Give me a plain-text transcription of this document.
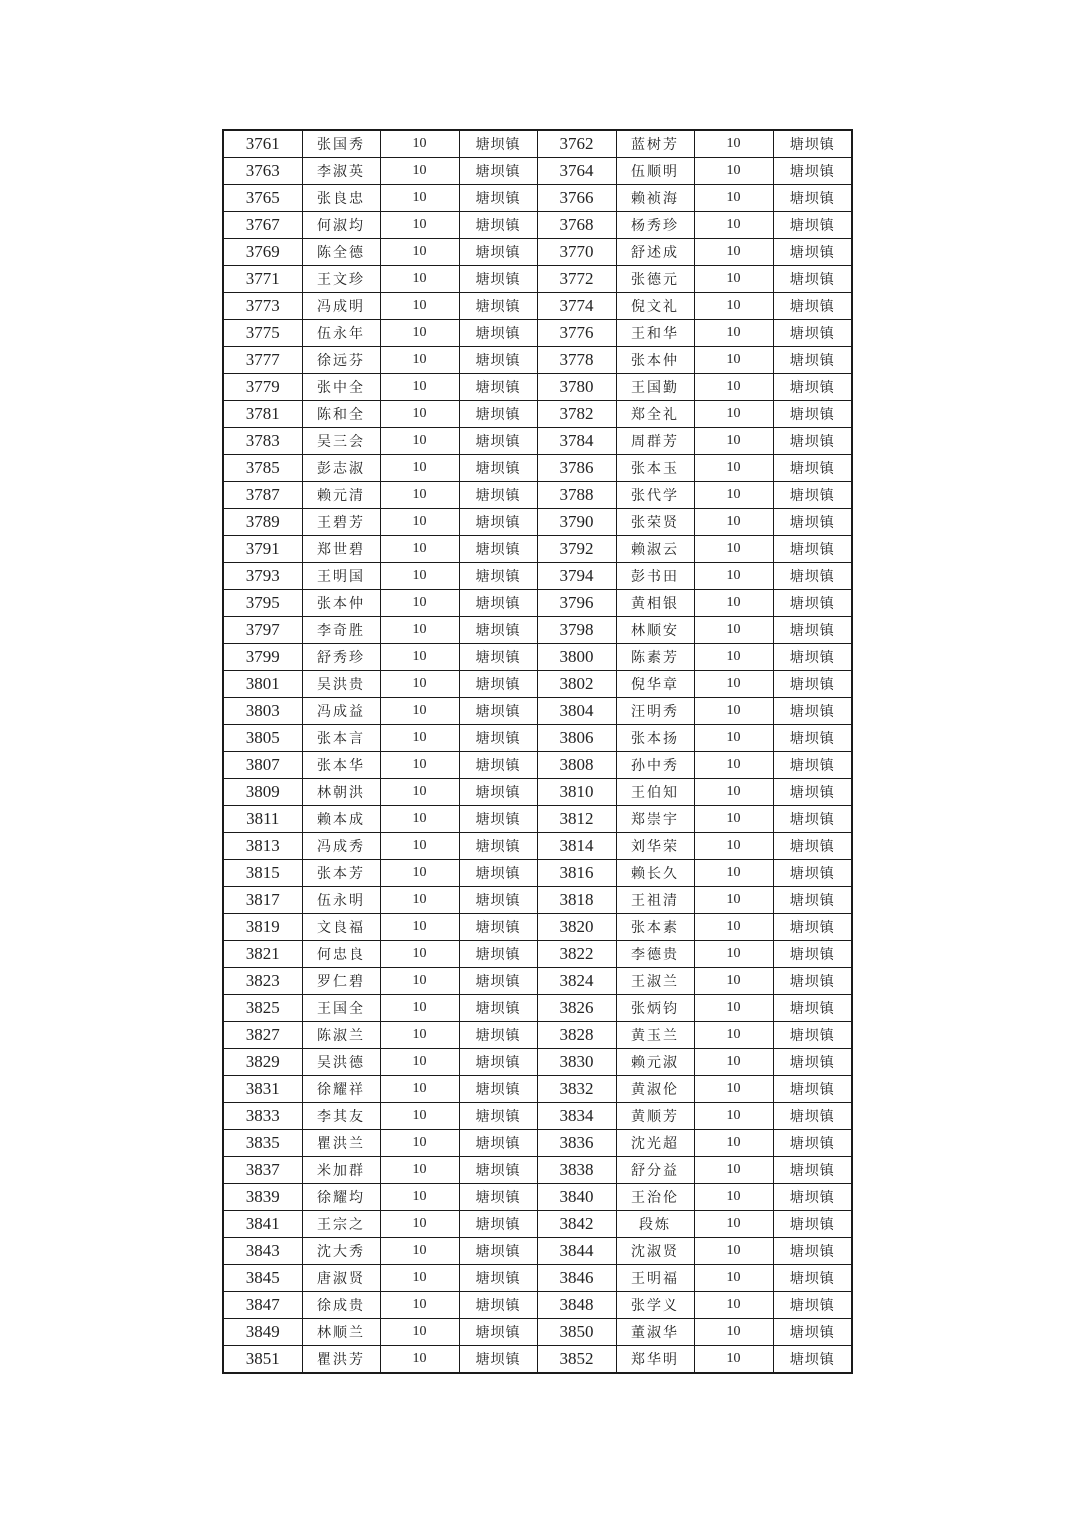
3761	张国秀	10	塘坝镇	3762	蓝树芳	10	塘坝镇
3763	李淑英	10	塘坝镇	3764	伍顺明	10	塘坝镇
3765	张良忠	10	塘坝镇	3766	赖祯海	10	塘坝镇
3767	何淑均	10	塘坝镇	3768	杨秀珍	10	塘坝镇
3769	陈全德	10	塘坝镇	3770	舒述成	10	塘坝镇
3771	王文珍	10	塘坝镇	3772	张德元	10	塘坝镇
3773	冯成明	10	塘坝镇	3774	倪文礼	10	塘坝镇
3775	伍永年	10	塘坝镇	3776	王和华	10	塘坝镇
3777	徐远芬	10	塘坝镇	3778	张本仲	10	塘坝镇
3779	张中全	10	塘坝镇	3780	王国勤	10	塘坝镇
3781	陈和全	10	塘坝镇	3782	郑全礼	10	塘坝镇
3783	吴三会	10	塘坝镇	3784	周群芳	10	塘坝镇
3785	彭志淑	10	塘坝镇	3786	张本玉	10	塘坝镇
3787	赖元清	10	塘坝镇	3788	张代学	10	塘坝镇
3789	王碧芳	10	塘坝镇	3790	张荣贤	10	塘坝镇
3791	郑世碧	10	塘坝镇	3792	赖淑云	10	塘坝镇
3793	王明国	10	塘坝镇	3794	彭书田	10	塘坝镇
3795	张本仲	10	塘坝镇	3796	黄相银	10	塘坝镇
3797	李奇胜	10	塘坝镇	3798	林顺安	10	塘坝镇
3799	舒秀珍	10	塘坝镇	3800	陈素芳	10	塘坝镇
3801	吴洪贵	10	塘坝镇	3802	倪华章	10	塘坝镇
3803	冯成益	10	塘坝镇	3804	汪明秀	10	塘坝镇
3805	张本言	10	塘坝镇	3806	张本扬	10	塘坝镇
3807	张本华	10	塘坝镇	3808	孙中秀	10	塘坝镇
3809	林朝洪	10	塘坝镇	3810	王伯知	10	塘坝镇
3811	赖本成	10	塘坝镇	3812	郑崇宇	10	塘坝镇
3813	冯成秀	10	塘坝镇	3814	刘华荣	10	塘坝镇
3815	张本芳	10	塘坝镇	3816	赖长久	10	塘坝镇
3817	伍永明	10	塘坝镇	3818	王祖清	10	塘坝镇
3819	文良福	10	塘坝镇	3820	张本素	10	塘坝镇
3821	何忠良	10	塘坝镇	3822	李德贵	10	塘坝镇
3823	罗仁碧	10	塘坝镇	3824	王淑兰	10	塘坝镇
3825	王国全	10	塘坝镇	3826	张炳钧	10	塘坝镇
3827	陈淑兰	10	塘坝镇	3828	黄玉兰	10	塘坝镇
3829	吴洪德	10	塘坝镇	3830	赖元淑	10	塘坝镇
3831	徐耀祥	10	塘坝镇	3832	黄淑伦	10	塘坝镇
3833	李其友	10	塘坝镇	3834	黄顺芳	10	塘坝镇
3835	瞿洪兰	10	塘坝镇	3836	沈光超	10	塘坝镇
3837	米加群	10	塘坝镇	3838	舒分益	10	塘坝镇
3839	徐耀均	10	塘坝镇	3840	王治伦	10	塘坝镇
3841	王宗之	10	塘坝镇	3842	段炼	10	塘坝镇
3843	沈大秀	10	塘坝镇	3844	沈淑贤	10	塘坝镇
3845	唐淑贤	10	塘坝镇	3846	王明福	10	塘坝镇
3847	徐成贵	10	塘坝镇	3848	张学义	10	塘坝镇
3849	林顺兰	10	塘坝镇	3850	董淑华	10	塘坝镇
3851	瞿洪芳	10	塘坝镇	3852	郑华明	10	塘坝镇
